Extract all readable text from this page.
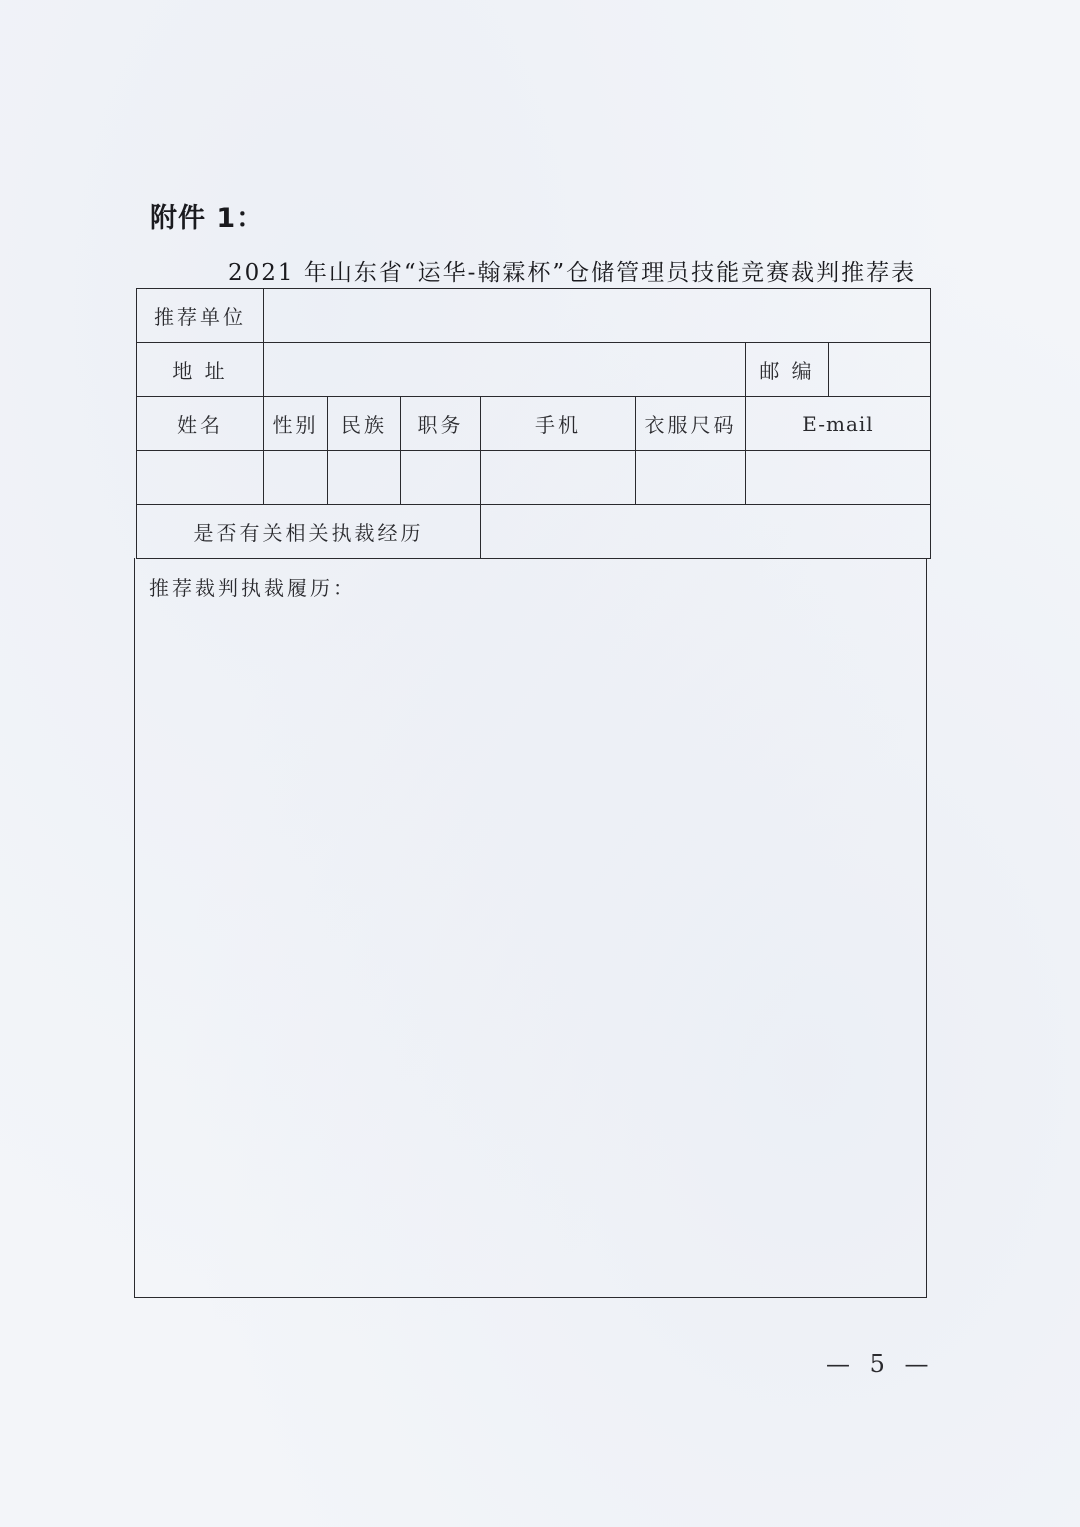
附件 1：
2021 年山东省“运华-翰霖杯”仓储管理员技能竞赛裁判推荐表
推荐单位							
地 址						邮 编	
姓名	性别	民族	职务	手机	衣服尺码	E-mail	

是否有关相关执裁经历							
推荐裁判执裁履历：
— 5 —
